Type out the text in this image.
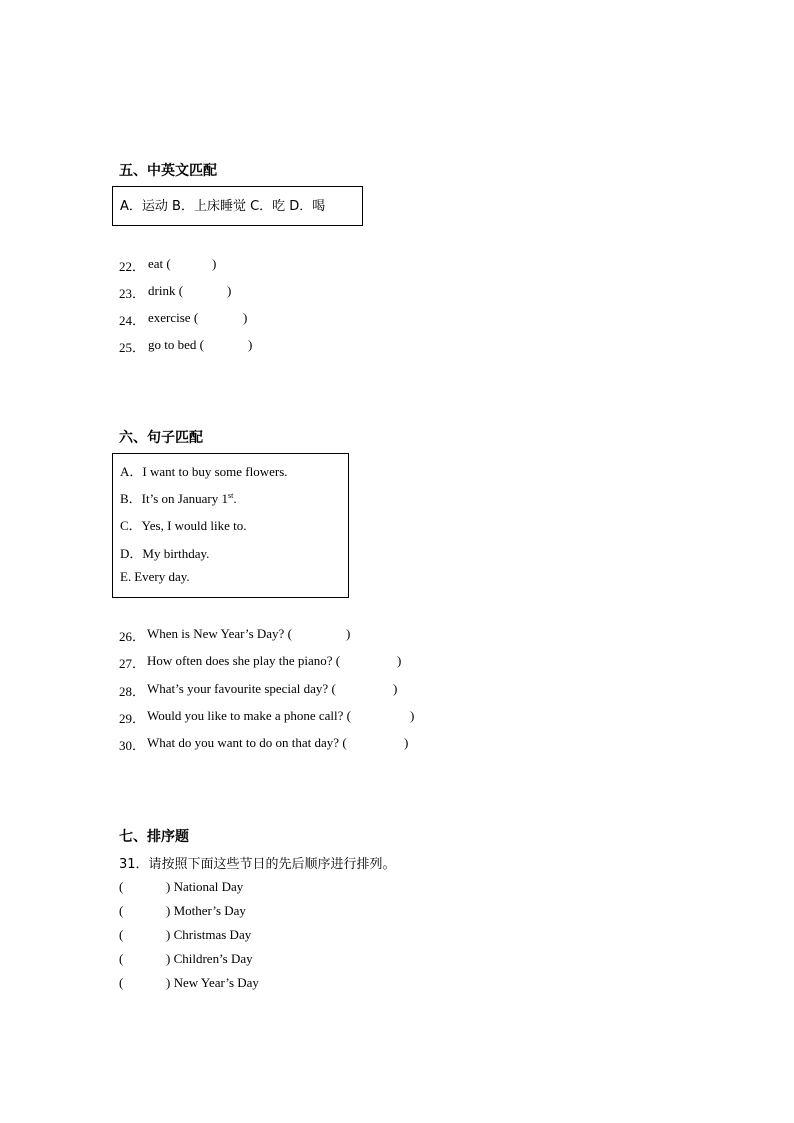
五、中英文匹配
A．运动 B．上床睡觉 C．吃 D．喝
22． eat (	)
23． drink (	)
24． exercise (	)
25． go to bed (	)
六、句子匹配
A．I want to buy some flowers.
B．It’s on January 1st.
C．Yes, I would like to.
D．My birthday.
E. Every day.
26． When is New Year’s Day? (	)
27． How often does she play the piano? (	)
28． What’s your favourite special day? (	)
29． Would you like to make a phone call? (	)
30． What do you want to do on that day? (	)
七、排序题
31．请按照下面这些节日的先后顺序进行排列。
(	) National Day
(	) Mother’s Day
(	) Christmas Day
(	) Children’s Day
(	) New Year’s Day
